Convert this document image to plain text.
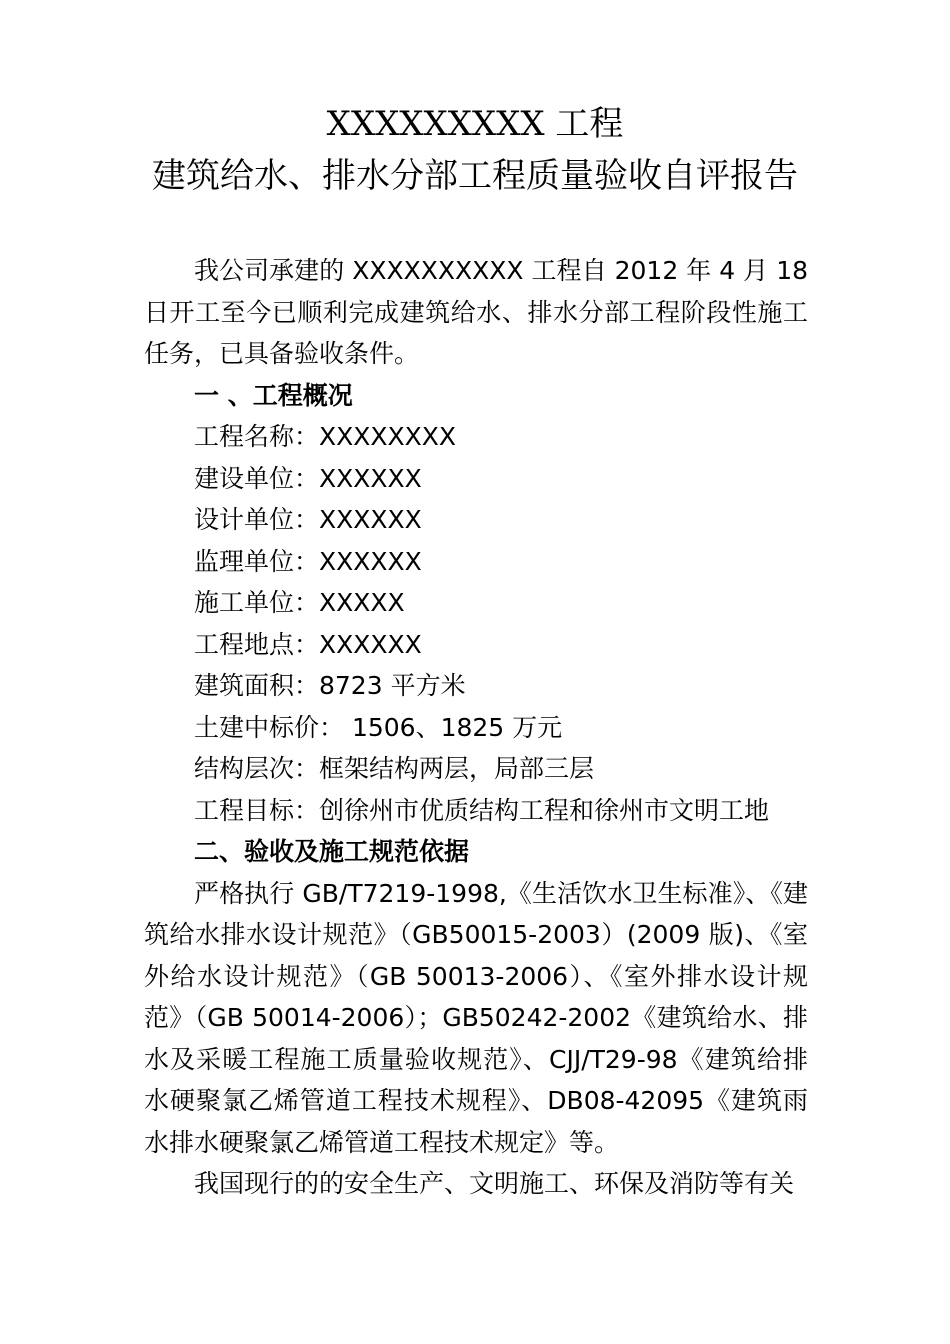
XXXXXXXXX 工程
建筑给水、排水分部工程质量验收自评报告

我公司承建的 XXXXXXXXXX 工程自 2012 年 4 月 18 日开工至今已顺利完成建筑给水、排水分部工程阶段性施工任务，已具备验收条件。

一 、工程概况

工程名称：XXXXXXXX

建设单位：XXXXXX

设计单位：XXXXXX

监理单位：XXXXXX

施工单位：XXXXX

工程地点：XXXXXX

建筑面积：8723 平方米

土建中标价： 1506、1825 万元

结构层次：框架结构两层，局部三层

工程目标：创徐州市优质结构工程和徐州市文明工地

二、验收及施工规范依据

严格执行 GB/T7219-1998,《生活饮水卫生标准》、《建筑给水排水设计规范》（GB50015-2003）(2009 版)、《室外给水设计规范》（GB 50013-2006）、《室外排水设计规范》（GB 50014-2006）；GB50242-2002《建筑给水、排水及采暖工程施工质量验收规范》、CJJ/T29-98《建筑给排水硬聚氯乙烯管道工程技术规程》、DB08-42095《建筑雨水排水硬聚氯乙烯管道工程技术规定》等。

我国现行的的安全生产、文明施工、环保及消防等有关
